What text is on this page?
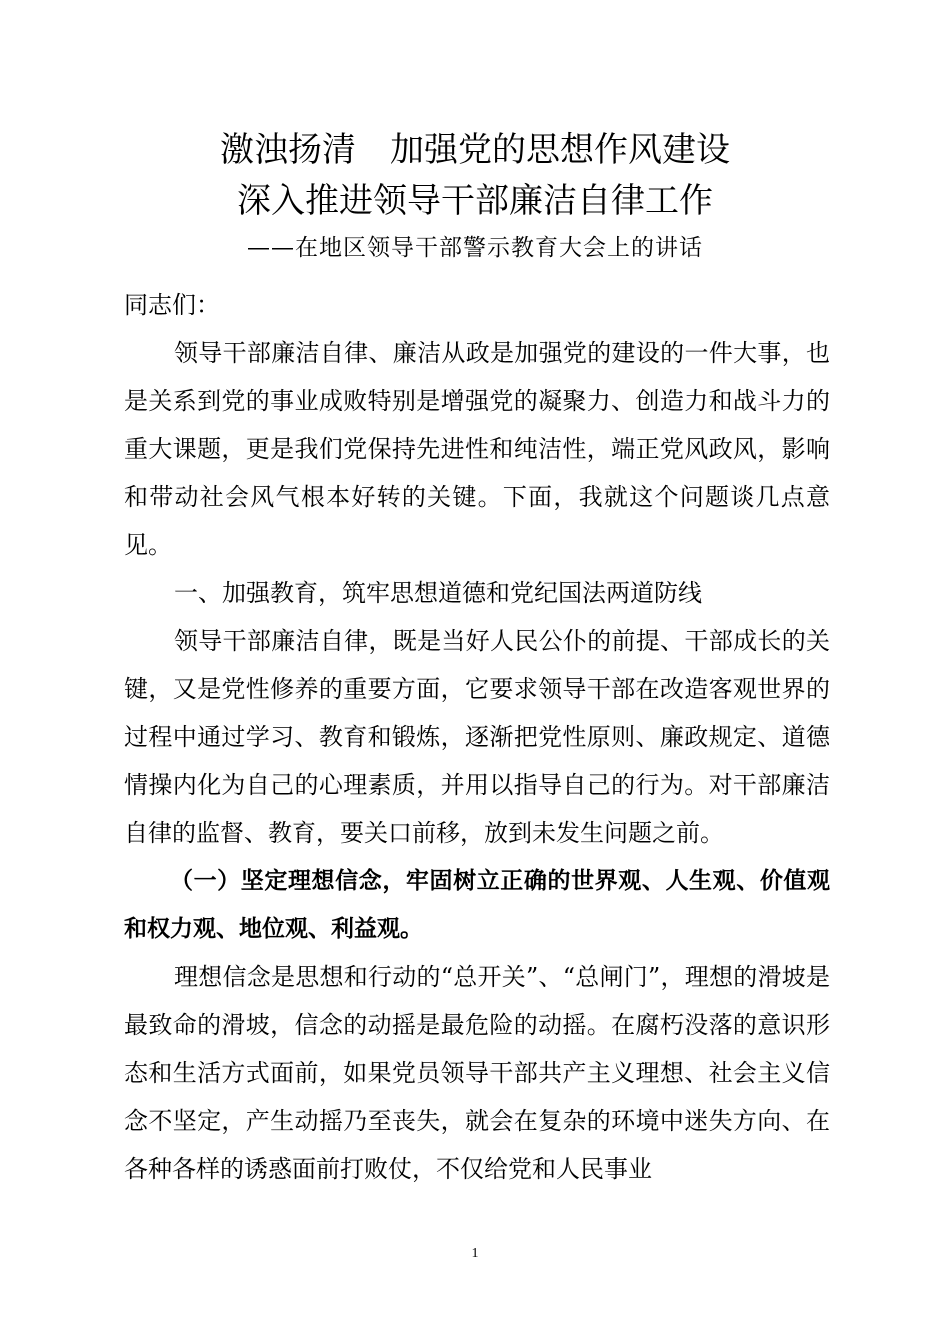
激浊扬清　加强党的思想作风建设
深入推进领导干部廉洁自律工作
——在地区领导干部警示教育大会上的讲话

同志们：

领导干部廉洁自律、廉洁从政是加强党的建设的一件大事，也是关系到党的事业成败特别是增强党的凝聚力、创造力和战斗力的重大课题，更是我们党保持先进性和纯洁性，端正党风政风，影响和带动社会风气根本好转的关键。下面，我就这个问题谈几点意见。

一、加强教育，筑牢思想道德和党纪国法两道防线

领导干部廉洁自律，既是当好人民公仆的前提、干部成长的关键，又是党性修养的重要方面，它要求领导干部在改造客观世界的过程中通过学习、教育和锻炼，逐渐把党性原则、廉政规定、道德情操内化为自己的心理素质，并用以指导自己的行为。对干部廉洁自律的监督、教育，要关口前移，放到未发生问题之前。

（一）坚定理想信念，牢固树立正确的世界观、人生观、价值观和权力观、地位观、利益观。

理想信念是思想和行动的“总开关”、“总闸门”，理想的滑坡是最致命的滑坡，信念的动摇是最危险的动摇。在腐朽没落的意识形态和生活方式面前，如果党员领导干部共产主义理想、社会主义信念不坚定，产生动摇乃至丧失，就会在复杂的环境中迷失方向、在各种各样的诱惑面前打败仗，不仅给党和人民事业

1
